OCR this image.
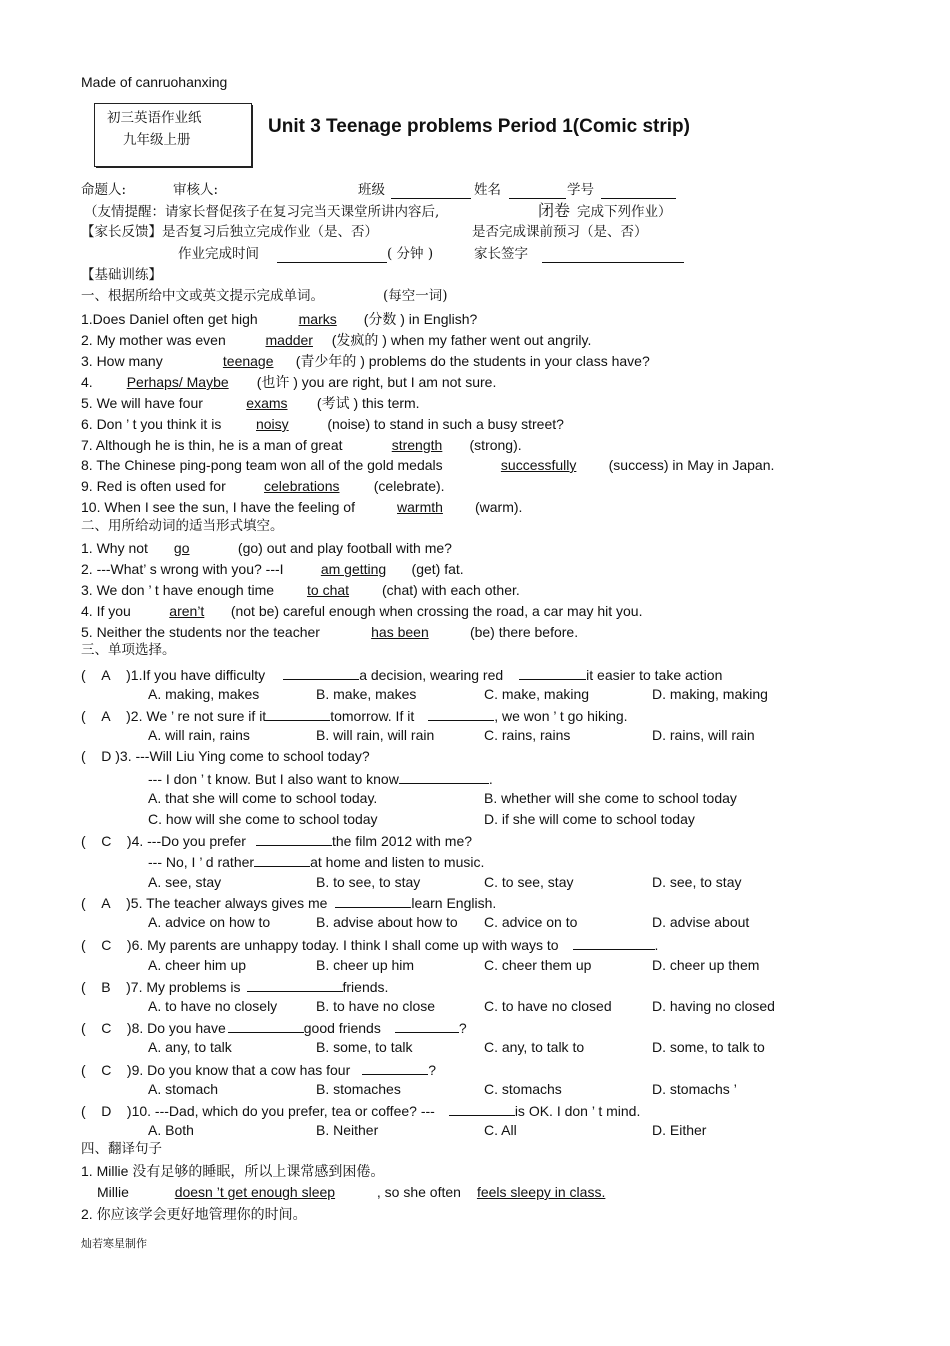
Made of canruohanxing
初三英语作业纸
九年级上册
Unit 3 Teenage problems Period 1(Comic strip)
命题人:	审核人:	班级	姓名	学号
（友情提醒：请家长督促孩子在复习完当天课堂所讲内容后,	闭卷 完成下列作业）
【家长反馈】是否复习后独立完成作业（是、否）	是否完成课前预习（是、否）
作业完成时间	( 分钟 )	家长签字
【基础训练】
一、根据所给中文或英文提示完成单词。	(每空一词)
1.Does Daniel often get high	marks (分数 ) in English?
2. My mother was even	madder (发疯的 ) when my father went out angrily.
3. How many	teenage (青少年的 ) problems do the students in your class have?
4. Perhaps/ Maybe (也许 ) you are right, but I am not sure.
5. We will have four	exams (考试 ) this term.
6. Don ’ t you think it is noisy	(noise) to stand in such a busy street?
7. Although he is thin, he is a man of great	strength (strong).
8. The Chinese ping-pong team won all of the gold medals	successfully (success) in May in Japan.
9. Red is often used for	celebrations (celebrate).
10. When I see the sun, I have the feeling of	warmth (warm).
二、用所给动词的适当形式填空。
1. Why not go	(go) out and play football with me?
2. ---What’ s wrong with you? ---I	am getting (get) fat.
3. We don ’ t have enough time to chat (chat) with each other.
4. If you	aren’t (not be) careful enough when crossing the road, a car may hit you.
5. Neither the students nor the teacher	has been	(be) there before.
三、单项选择。
(    A )1.If you have difficulty	a decision, wearing red	it easier to take action
A. making, makes	B. make, makes	C. make, making	D. making, making
(    A )2. We ’ re not sure if it	tomorrow. If it	, we won ’ t go hiking.
A. will rain, rains	B. will rain, will rain	C. rains, rains	D. rains, will rain
(    D )3. ---Will Liu Ying come to school today?
--- I don ’ t know. But I also want to know	.
A. that she will come to school today.	B. whether will she come to school today
C. how will she come to school today	D. if she will come to school today
(    C )4. ---Do you prefer	the film 2012 with me?
--- No, I ’ d rather	at home and listen to music.
A. see, stay	B. to see, to stay	C. to see, stay	D. see, to stay
(    A )5. The teacher always gives me	learn English.
A. advice on how to	B. advise about how to C. advice on to	D. advise about
(    C )6. My parents are unhappy today. I think I shall come up with ways to	.
A. cheer him up	B. cheer up him	C. cheer them up	D. cheer up them
(    B )7. My problems is	friends.
A. to have no closely	B. to have no close	C. to have no closed	D. having no closed
(    C )8. Do you have	good friends	?
A. any, to talk	B. some, to talk	C. any, to talk to	D. some, to talk to
(    C )9. Do you know that a cow has four	?
A. stomach	B. stomaches	C. stomachs	D. stomachs ’
(    D )10. ---Dad, which do you prefer, tea or coffee? ---	is OK. I don ’ t mind.
A. Both	B. Neither	C. All	D. Either
四、翻译句子
1. Millie 没有足够的睡眠，所以上课常感到困倦。
Millie	doesn ’t get enough sleep	, so she often feels sleepy in class.
2. 你应该学会更好地管理你的时间。
灿若寒星制作
